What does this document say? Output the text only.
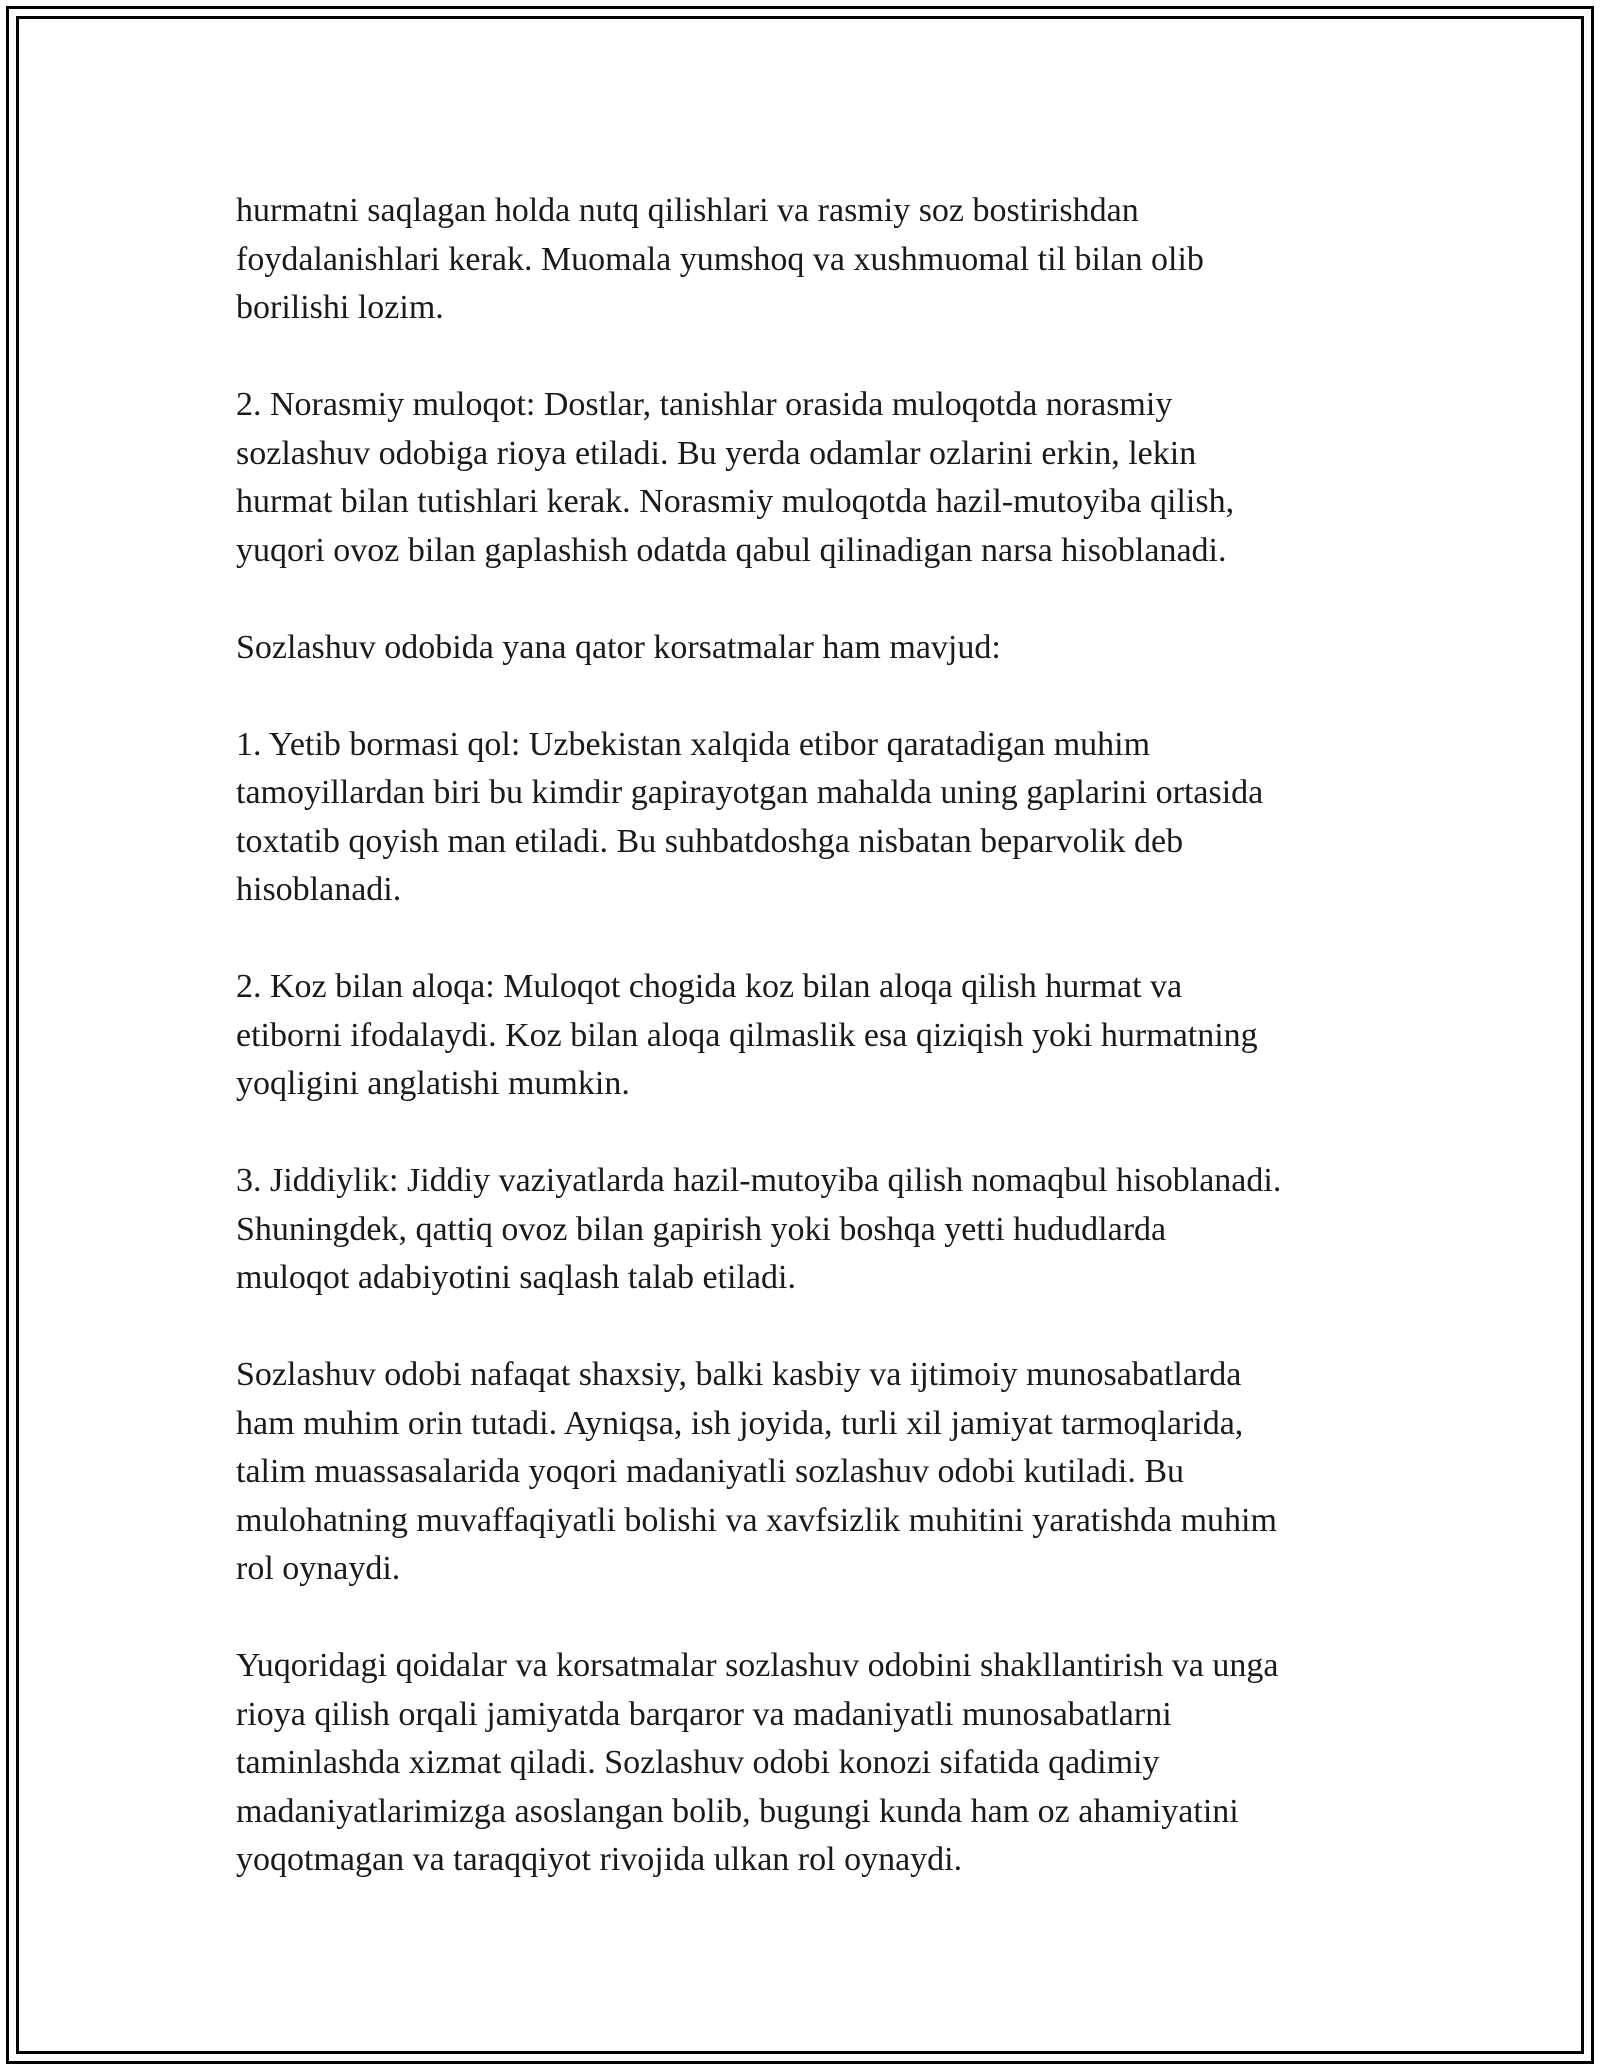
hurmatni saqlagan holda nutq qilishlari va rasmiy soz bostirishdan
foydalanishlari kerak. Muomala yumshoq va xushmuomal til bilan olib
borilishi lozim.

2. Norasmiy muloqot: Dostlar, tanishlar orasida muloqotda norasmiy
sozlashuv odobiga rioya etiladi. Bu yerda odamlar ozlarini erkin, lekin
hurmat bilan tutishlari kerak. Norasmiy muloqotda hazil-mutoyiba qilish,
yuqori ovoz bilan gaplashish odatda qabul qilinadigan narsa hisoblanadi.

Sozlashuv odobida yana qator korsatmalar ham mavjud:

1. Yetib bormasi qol: Uzbekistan xalqida etibor qaratadigan muhim
tamoyillardan biri bu kimdir gapirayotgan mahalda uning gaplarini ortasida
toxtatib qoyish man etiladi. Bu suhbatdoshga nisbatan beparvolik deb
hisoblanadi.

2. Koz bilan aloqa: Muloqot chogida koz bilan aloqa qilish hurmat va
etiborni ifodalaydi. Koz bilan aloqa qilmaslik esa qiziqish yoki hurmatning
yoqligini anglatishi mumkin.

3. Jiddiylik: Jiddiy vaziyatlarda hazil-mutoyiba qilish nomaqbul hisoblanadi.
Shuningdek, qattiq ovoz bilan gapirish yoki boshqa yetti hududlarda
muloqot adabiyotini saqlash talab etiladi.

Sozlashuv odobi nafaqat shaxsiy, balki kasbiy va ijtimoiy munosabatlarda
ham muhim orin tutadi. Ayniqsa, ish joyida, turli xil jamiyat tarmoqlarida,
talim muassasalarida yoqori madaniyatli sozlashuv odobi kutiladi. Bu
mulohatning muvaffaqiyatli bolishi va xavfsizlik muhitini yaratishda muhim
rol oynaydi.

Yuqoridagi qoidalar va korsatmalar sozlashuv odobini shakllantirish va unga
rioya qilish orqali jamiyatda barqaror va madaniyatli munosabatlarni
taminlashda xizmat qiladi. Sozlashuv odobi konozi sifatida qadimiy
madaniyatlarimizga asoslangan bolib, bugungi kunda ham oz ahamiyatini
yoqotmagan va taraqqiyot rivojida ulkan rol oynaydi.
